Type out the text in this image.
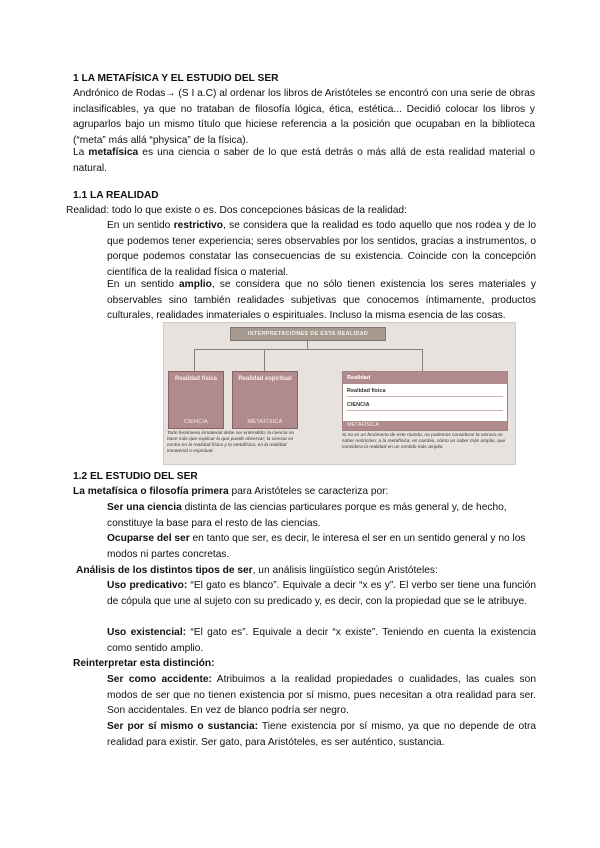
1 LA METAFÍSICA Y EL ESTUDIO DEL SER

Andrónico de Rodas→ (S I a.C) al ordenar los libros de Aristóteles se encontró con una serie de obras inclasificables, ya que no trataban de filosofía lógica, ética, estética... Decidió colocar los libros y agruparlos bajo un mismo título que hiciese referencia a la posición que ocupaban en la biblioteca (“meta” más allá “physica” de la física).

La metafísica es una ciencia o saber de lo que está detrás o más allá de esta realidad material o natural.

1.1 LA REALIDAD

Realidad: todo lo que existe o es. Dos concepciones básicas de la realidad:

En un sentido restrictivo, se considera que la realidad es todo aquello que nos rodea y de lo que podemos tener experiencia; seres observables por los sentidos, gracias a instrumentos, o porque podemos constatar las consecuencias de su existencia. Coincide con la concepción científica de la realidad física o material.

En un sentido amplio, se considera que no sólo tienen existencia los seres materiales y observables sino también realidades subjetivas que conocemos íntimamente, productos culturales, realidades inmateriales o espirituales. Incluso la misma esencia de las cosas.

INTERPRETACIONES DE ESTA REALIDAD
Realidad física
CIENCIA
Realidad espiritual
METAFÍSICA
Realidad
Realidad física
CIENCIA
METAFÍSICA
Todo fenómeno inmaterial debe ser entendido; la ciencia no hace más que explicar lo que puede observar; la ciencia se centra en la realidad física y la metafísica, en la realidad inmaterial o espiritual.
Si no es un fenómeno de este mundo, no podemos considerar la ciencia un saber restrictivo; a la metafísica, en cambio, cómo un saber más amplio, que considera la realidad en un sentido más amplio.
1.2 EL ESTUDIO DEL SER

La metafísica o filosofía primera para Aristóteles se caracteriza por:

Ser una ciencia distinta de las ciencias particulares porque es más general y, de hecho, constituye la base para el resto de las ciencias.

Ocuparse del ser en tanto que ser, es decir, le interesa el ser en un sentido general y no los modos ni partes concretas.

Análisis de los distintos tipos de ser, un análisis lingüístico según Aristóteles:

Uso predicativo: “El gato es blanco”. Equivale a decir “x es y”. El verbo ser tiene una función de cópula que une al sujeto con su predicado y, es decir, con la propiedad que se le atribuye.

Uso existencial: “El gato es”. Equivale a decir “x existe”. Teniendo en cuenta la existencia como sentido amplio.

Reinterpretar esta distinción:

Ser como accidente: Atribuimos a la realidad propiedades o cualidades, las cuales son modos de ser que no tienen existencia por sí mismo, pues necesitan a otra realidad para ser. Son accidentales. En vez de blanco podría ser negro.

Ser por sí mismo o sustancia: Tiene existencia por sí mismo, ya que no depende de otra realidad para existir. Ser gato, para Aristóteles, es ser auténtico, sustancia.
